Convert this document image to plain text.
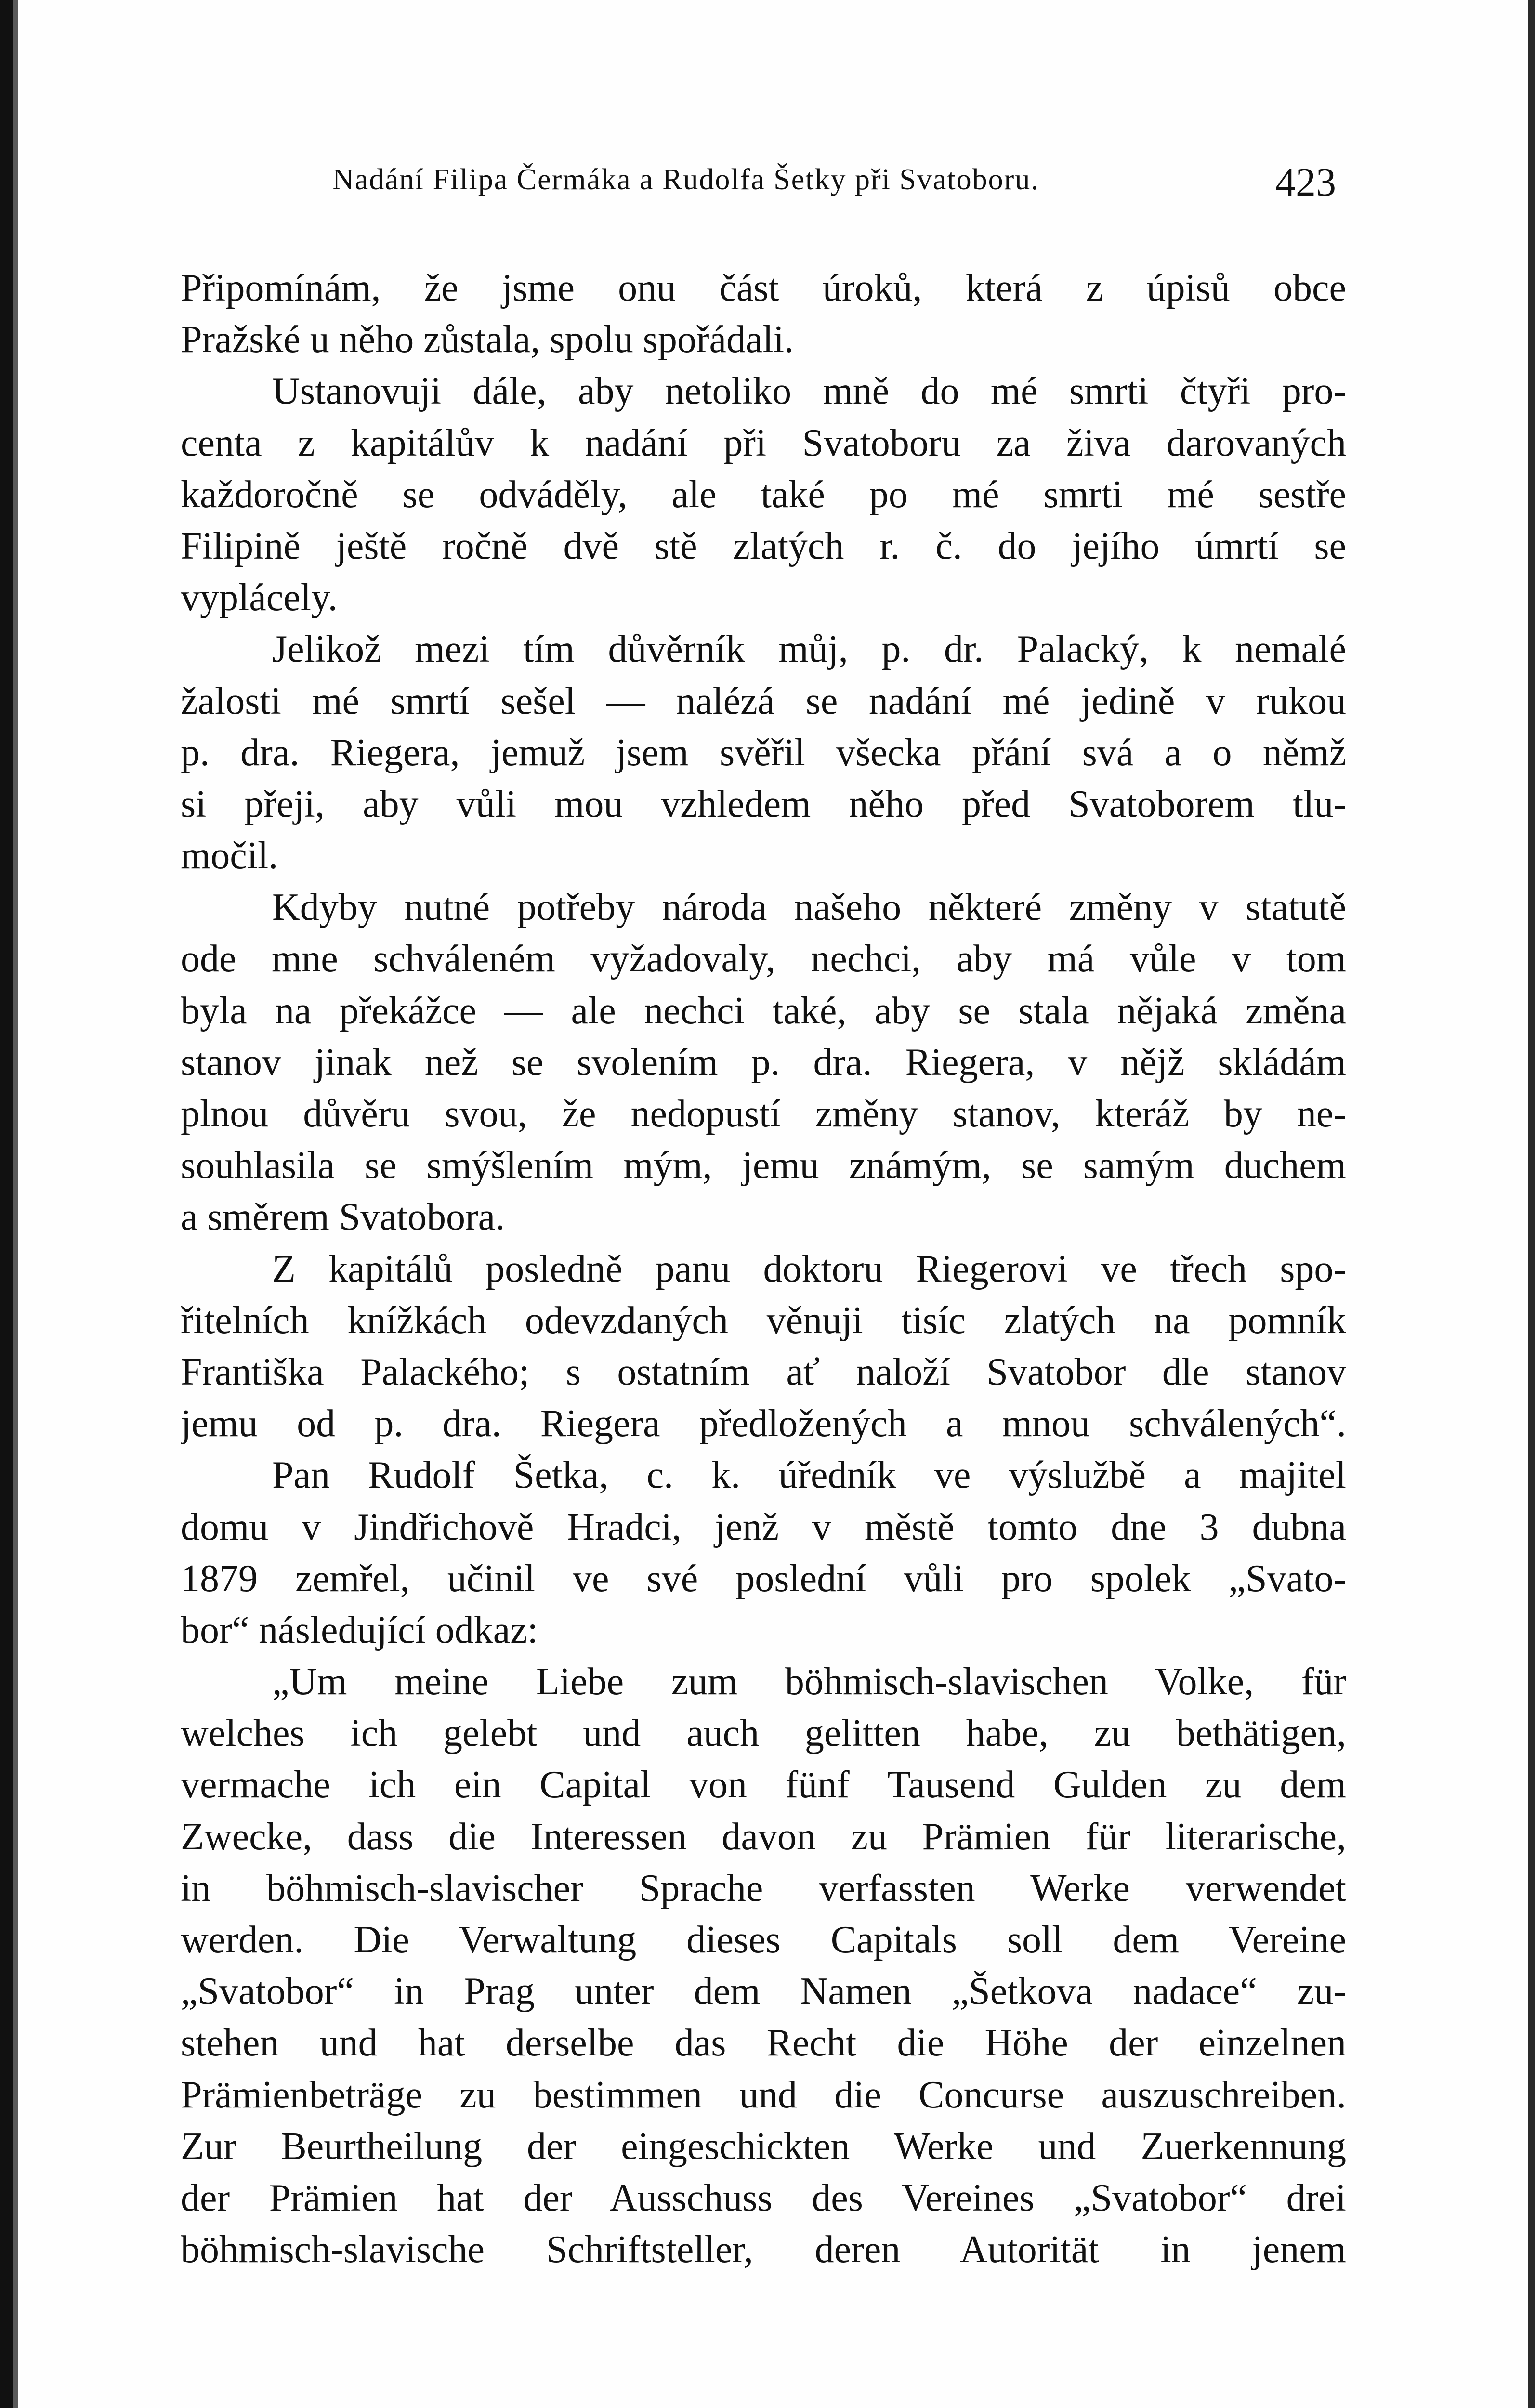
Nadání Filipa Čermáka a Rudolfa Šetky při Svatoboru.	423
Připomínám, že jsme onu část úroků, která z úpisů obce
Pražské u něho zůstala, spolu spořádali.
Ustanovuji dále, aby netoliko mně do mé smrti čtyři pro-
centa z kapitálův k nadání při Svatoboru za živa darovaných
každoročně se odváděly, ale také po mé smrti mé sestře
Filipině ještě ročně dvě stě zlatých r. č. do jejího úmrtí se
vyplácely.
Jelikož mezi tím důvěrník můj, p. dr. Palacký, k nemalé
žalosti mé smrtí sešel — nalézá se nadání mé jedině v rukou
p. dra. Riegera, jemuž jsem svěřil všecka přání svá a o němž
si přeji, aby vůli mou vzhledem něho před Svatoborem tlu-
močil.
Kdyby nutné potřeby národa našeho některé změny v statutě
ode mne schváleném vyžadovaly, nechci, aby má vůle v tom
byla na překážce — ale nechci také, aby se stala nějaká změna
stanov jinak než se svolením p. dra. Riegera, v nějž skládám
plnou důvěru svou, že nedopustí změny stanov, kteráž by ne-
souhlasila se smýšlením mým, jemu známým, se samým duchem
a směrem Svatobora.
Z kapitálů posledně panu doktoru Riegerovi ve třech spo-
řitelních knížkách odevzdaných věnuji tisíc zlatých na pomník
Františka Palackého; s ostatním ať naloží Svatobor dle stanov
jemu od p. dra. Riegera předložených a mnou schválených“.
Pan Rudolf Šetka, c. k. úředník ve výslužbě a majitel
domu v Jindřichově Hradci, jenž v městě tomto dne 3 dubna
1879 zemřel, učinil ve své poslední vůli pro spolek „Svato-
bor“ následující odkaz:
„Um meine Liebe zum böhmisch-slavischen Volke, für
welches ich gelebt und auch gelitten habe, zu bethätigen,
vermache ich ein Capital von fünf Tausend Gulden zu dem
Zwecke, dass die Interessen davon zu Prämien für literarische,
in böhmisch-slavischer Sprache verfassten Werke verwendet
werden. Die Verwaltung dieses Capitals soll dem Vereine
„Svatobor“ in Prag unter dem Namen „Šetkova nadace“ zu-
stehen und hat derselbe das Recht die Höhe der einzelnen
Prämienbeträge zu bestimmen und die Concurse auszuschreiben.
Zur Beurtheilung der eingeschickten Werke und Zuerkennung
der Prämien hat der Ausschuss des Vereines „Svatobor“ drei
böhmisch-slavische Schriftsteller, deren Autorität in jenem
